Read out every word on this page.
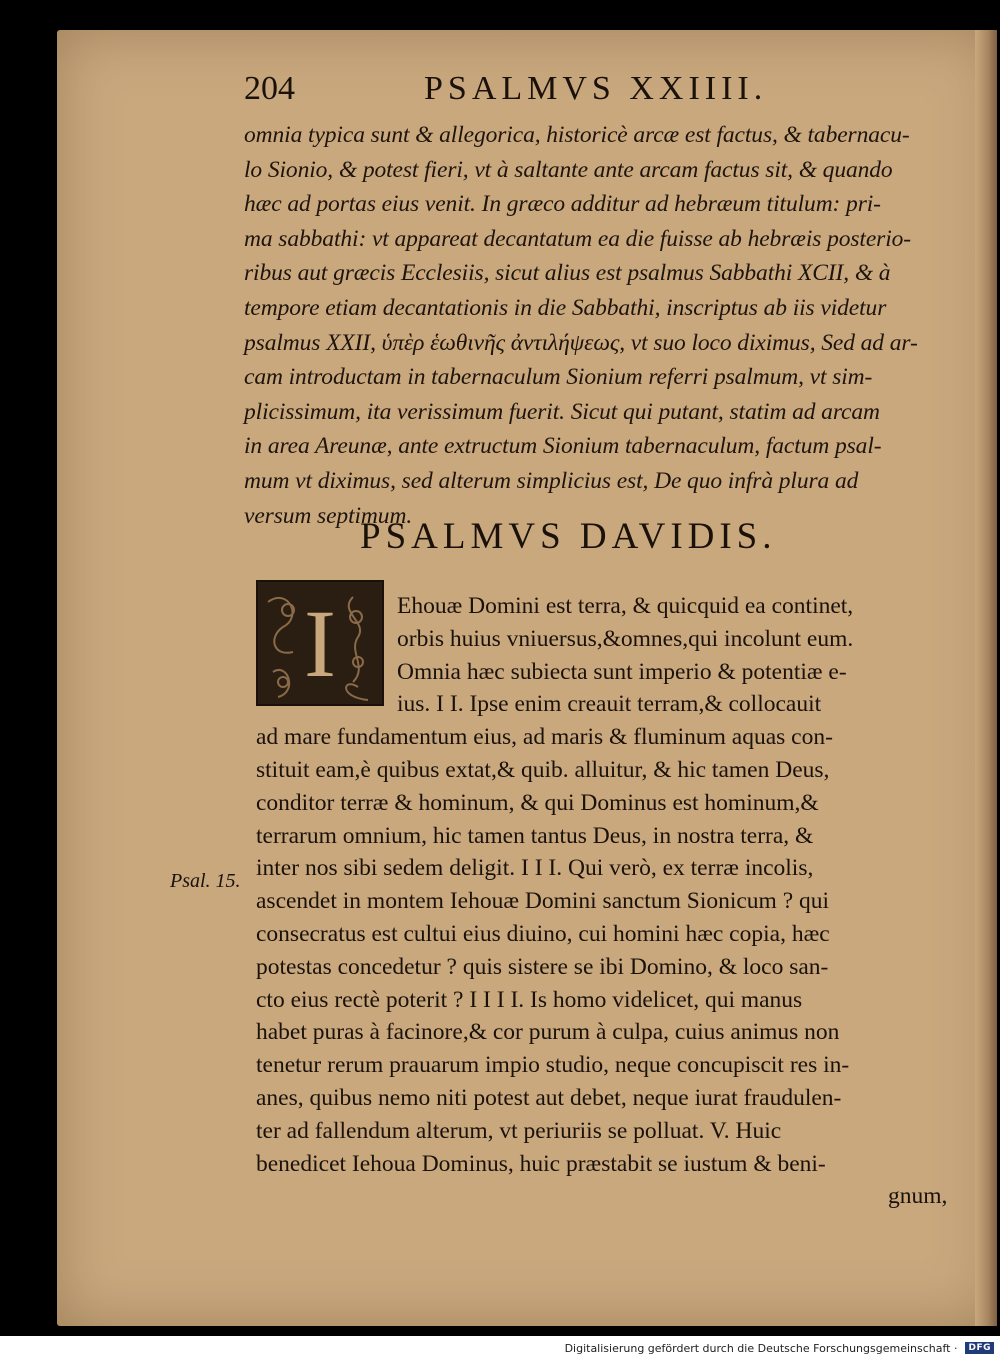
204	PSALMVS XXIIII.
omnia typica sunt & allegorica, historicè arcæ est factus, & tabernacu-
lo Sionio, & potest fieri, vt à saltante ante arcam factus sit, & quando
hæc ad portas eius venit. In græco additur ad hebræum titulum: pri-
ma sabbathi: vt appareat decantatum ea die fuisse ab hebræis posterio-
ribus aut græcis Ecclesiis, sicut alius est psalmus Sabbathi XCII, & à
tempore etiam decantationis in die Sabbathi, inscriptus ab iis videtur
psalmus XXII, ὑπὲρ ἑωθινῆς ἀντιλήψεως, vt suo loco diximus, Sed ad ar-
cam introductam in tabernaculum Sionium referri psalmum, vt sim-
plicissimum, ita verissimum fuerit. Sicut qui putant, statim ad arcam
in area Areunæ, ante extructum Sionium tabernaculum, factum psal-
mum vt diximus, sed alterum simplicius est, De quo infrà plura ad
versum septimum.
PSALMVS DAVIDIS.
I	Ehouæ Domini est terra, & quicquid ea continet,
orbis huius vniuersus,&omnes,qui incolunt eum.
Omnia hæc subiecta sunt imperio & potentiæ e-
ius. I I. Ipse enim creauit terram,& collocauit
ad mare fundamentum eius, ad maris & fluminum aquas con-
stituit eam,è quibus extat,& quib. alluitur, & hic tamen Deus,
conditor terræ & hominum, & qui Dominus est hominum,&
terrarum omnium, hic tamen tantus Deus, in nostra terra, &
inter nos sibi sedem deligit. I I I. Qui verò, ex terræ incolis,
ascendet in montem Iehouæ Domini sanctum Sionicum ? qui
consecratus est cultui eius diuino, cui homini hæc copia, hæc
potestas concedetur ? quis sistere se ibi Domino, & loco san-
cto eius rectè poterit ? I I I I. Is homo videlicet, qui manus
habet puras à facinore,& cor purum à culpa, cuius animus non
tenetur rerum prauarum impio studio, neque concupiscit res in-
anes, quibus nemo niti potest aut debet, neque iurat fraudulen-
ter ad fallendum alterum, vt periuriis se polluat. V. Huic
benedicet Iehoua Dominus, huic præstabit se iustum & beni-
gnum,
Psal. 15.
Digitalisierung gefördert durch die Deutsche Forschungsgemeinschaft ·	DFG
